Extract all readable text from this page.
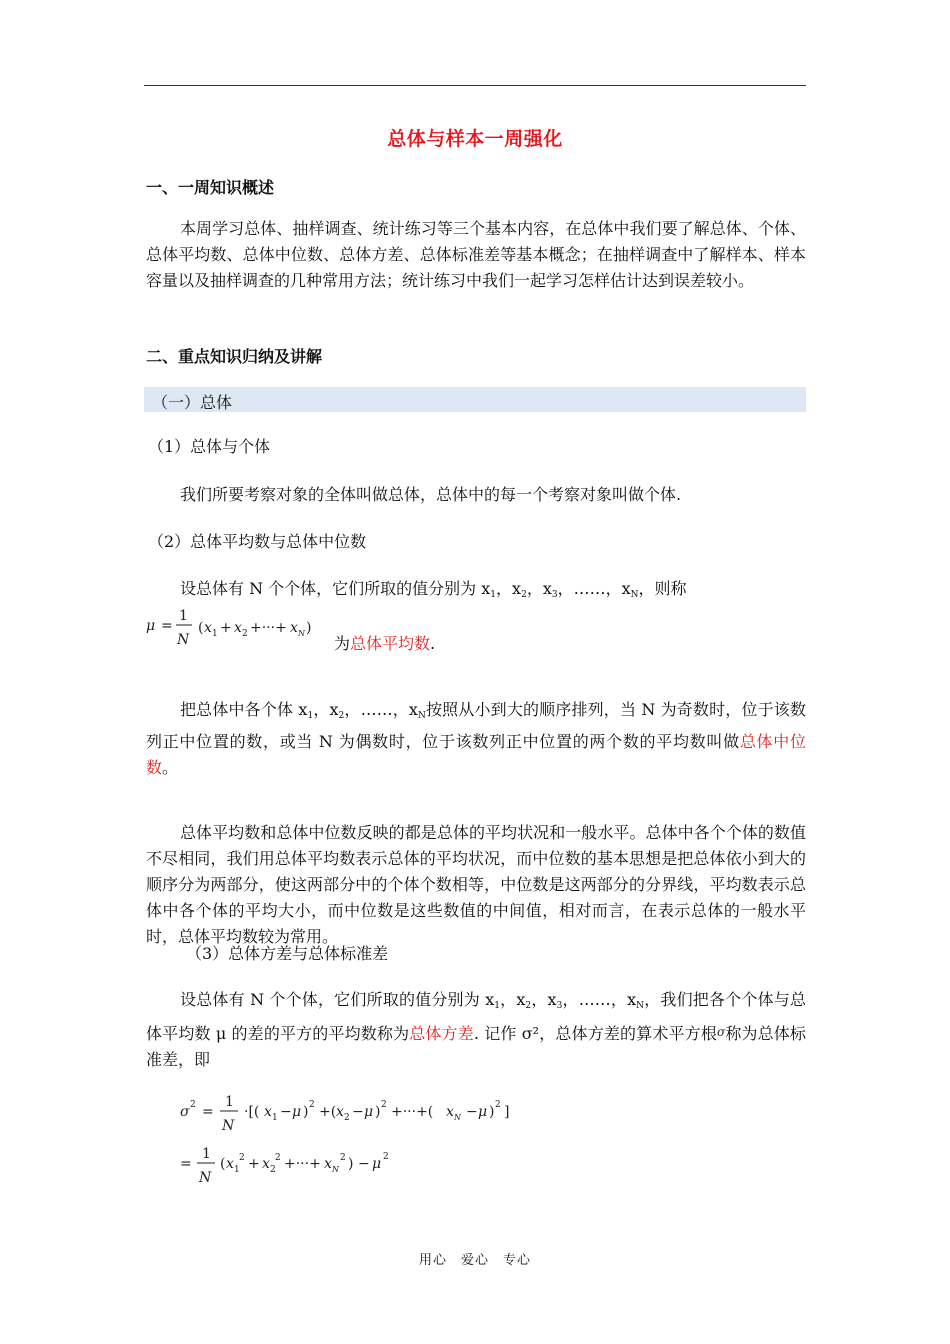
总体与样本一周强化
一、一周知识概述

本周学习总体、抽样调查、统计练习等三个基本内容，在总体中我们要了解总体、个体、总体平均数、总体中位数、总体方差、总体标准差等基本概念；在抽样调查中了解样本、样本容量以及抽样调查的几种常用方法；统计练习中我们一起学习怎样估计达到误差较小。

二、重点知识归纳及讲解
（一）总体
（1）总体与个体
我们所要考察对象的全体叫做总体，总体中的每一个考察对象叫做个体.
（2）总体平均数与总体中位数
设总体有 N 个个体，它们所取的值分别为 $x_1$，$x_2$，$x_3$，……，$x_N$，则称
μ =
1
N
( x 1 + x 2 +···+ x N )
为总体平均数.

把总体中各个体 $x_1$，$x_2$，……，$x_N$按照从小到大的顺序排列，当 N 为奇数时，位于该数列正中位置的数，或当 N 为偶数时，位于该数列正中位置的两个数的平均数叫做总体中位数。

总体平均数和总体中位数反映的都是总体的平均状况和一般水平。总体中各个个体的数值不尽相同，我们用总体平均数表示总体的平均状况，而中位数的基本思想是把总体依小到大的顺序分为两部分，使这两部分中的个体个数相等，中位数是这两部分的分界线，平均数表示总体中各个体的平均大小，而中位数是这些数值的中间值，相对而言，在表示总体的一般水平时，总体平均数较为常用。

（3）总体方差与总体标准差

设总体有 N 个个体，它们所取的值分别为 $x_1$，$x_2$，$x_3$，……，$x_N$，我们把各个个体与总体平均数 μ 的差的平方的平均数称为总体方差. 记作 σ²，总体方差的算术平方根σ称为总体标准差，即

σ 2 =
1
N
·[( x 1 − μ ) 2 +( x 2 − μ ) 2 +···+( x N − μ ) 2 ]
=
1
N
( x 1
2 + x 2
2 +···+ x N
2 ) − μ 2
用心　爱心　专心
